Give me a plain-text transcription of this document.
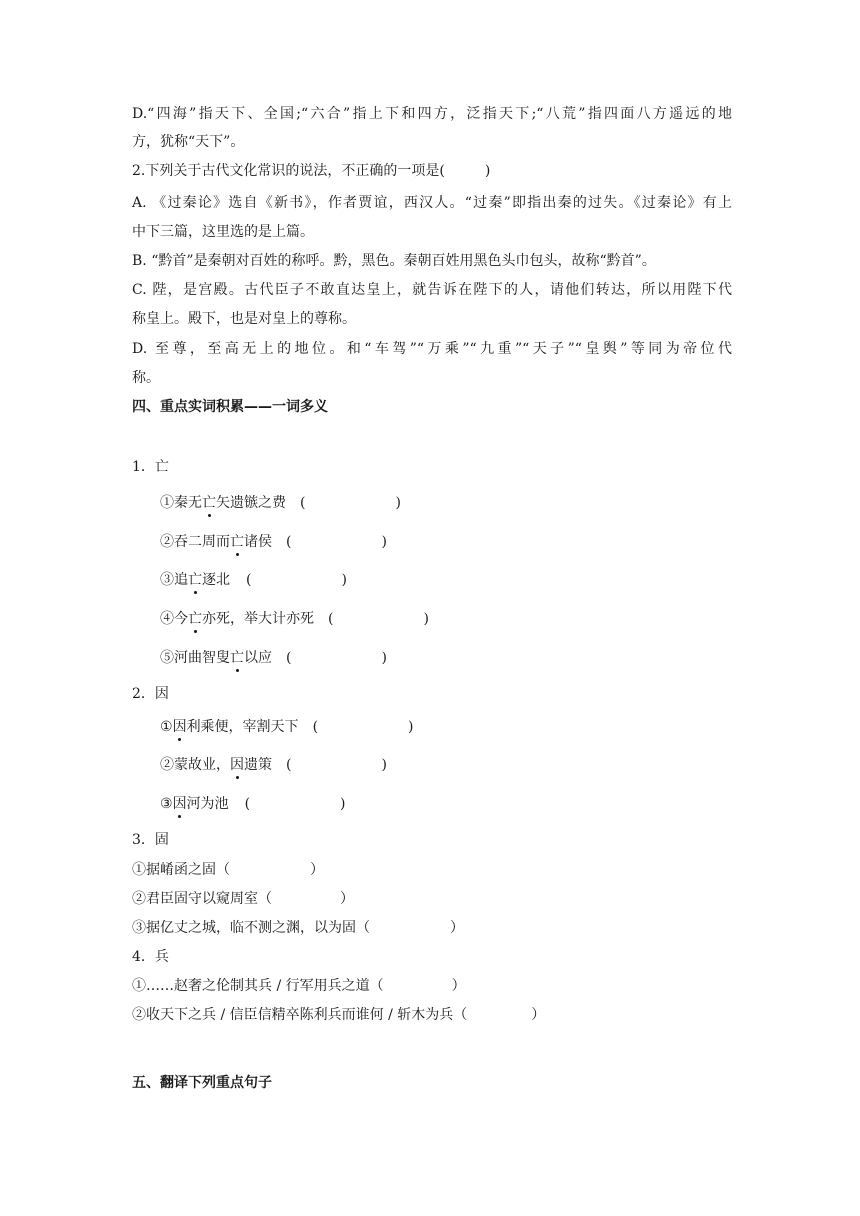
D.“四海”指天下、全国;“六合”指上下和四方，泛指天下;“八荒”指四面八方遥远的地
方，犹称“天下”。
2.下列关于古代文化常识的说法，不正确的一项是(	)
A. 《过秦论》选自《新书》，作者贾谊，西汉人。“过秦”即指出秦的过失。《过秦论》有上
中下三篇，这里选的是上篇。
B. “黔首”是秦朝对百姓的称呼。黔，黑色。秦朝百姓用黑色头巾包头，故称“黔首”。
C. 陛，是宫殿。古代臣子不敢直达皇上，就告诉在陛下的人，请他们转达，所以用陛下代
称皇上。殿下，也是对皇上的尊称。
D. 至尊，至高无上的地位。和“车驾”“万乘”“九重”“天子”“皇舆”等同为帝位代
称。
四、重点实词积累——一词多义
1．亡
①秦无亡矢遗镞之费 (	)
②吞二周而亡诸侯 (	)
③追亡逐北 (	)
④今亡亦死，举大计亦死 (	)
⑤河曲智叟亡以应 (	)
2．因
①因利乘便，宰割天下 (	)
②蒙故业，因遗策 (	)
③因河为池 (	)
3．固
①据崤函之固（	）
②君臣固守以窥周室（	）
③据亿丈之城，临不测之渊，以为固（	）
4．兵
①……赵奢之伦制其兵 / 行军用兵之道（	）
②收天下之兵 / 信臣信精卒陈利兵而谁何 / 斩木为兵（	）
五、翻译下列重点句子
